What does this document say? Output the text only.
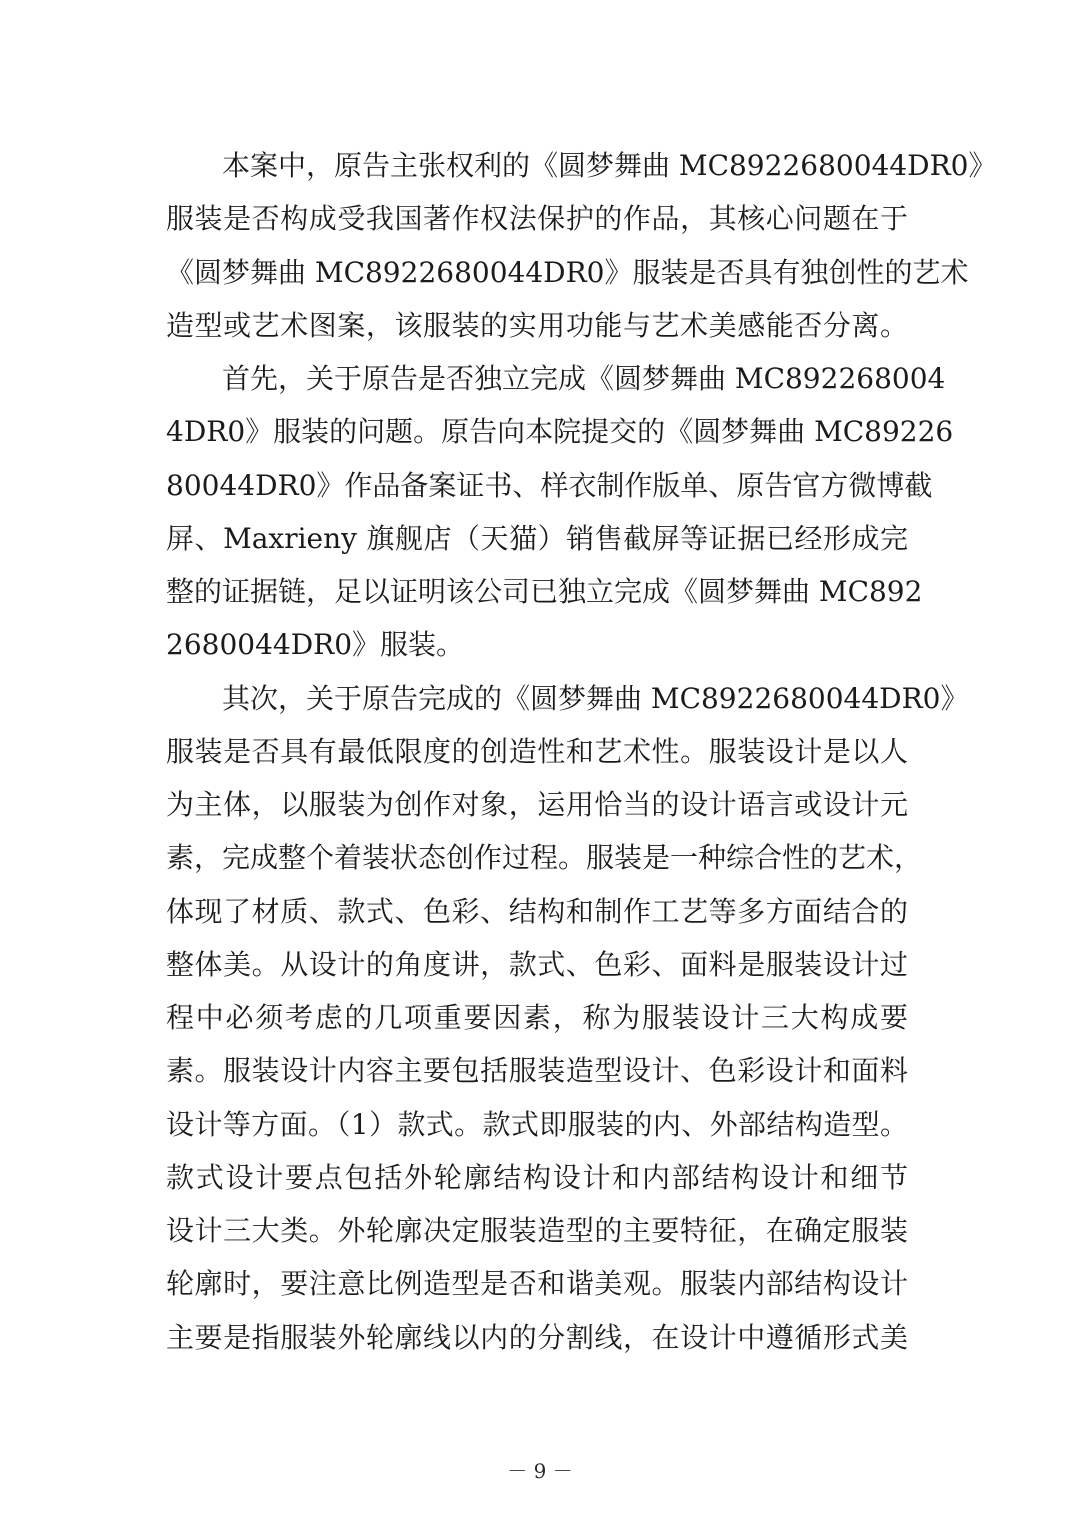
本案中，原告主张权利的《圆梦舞曲 MC8922680044DR0》
服装是否构成受我国著作权法保护的作品，其核心问题在于
《圆梦舞曲 MC8922680044DR0》服装是否具有独创性的艺术
造型或艺术图案，该服装的实用功能与艺术美感能否分离。
首先，关于原告是否独立完成《圆梦舞曲 MC892268004
4DR0》服装的问题。原告向本院提交的《圆梦舞曲 MC89226
80044DR0》作品备案证书、样衣制作版单、原告官方微博截
屏、Maxrieny 旗舰店（天猫）销售截屏等证据已经形成完
整的证据链，足以证明该公司已独立完成《圆梦舞曲 MC892
2680044DR0》服装。
其次，关于原告完成的《圆梦舞曲 MC8922680044DR0》
服装是否具有最低限度的创造性和艺术性。服装设计是以人
为主体，以服装为创作对象，运用恰当的设计语言或设计元
素，完成整个着装状态创作过程。服装是一种综合性的艺术，
体现了材质、款式、色彩、结构和制作工艺等多方面结合的
整体美。从设计的角度讲，款式、色彩、面料是服装设计过
程中必须考虑的几项重要因素，称为服装设计三大构成要
素。服装设计内容主要包括服装造型设计、色彩设计和面料
设计等方面。（1）款式。款式即服装的内、外部结构造型。
款式设计要点包括外轮廓结构设计和内部结构设计和细节
设计三大类。外轮廓决定服装造型的主要特征，在确定服装
轮廓时，要注意比例造型是否和谐美观。服装内部结构设计
主要是指服装外轮廓线以内的分割线，在设计中遵循形式美
－ 9 －
